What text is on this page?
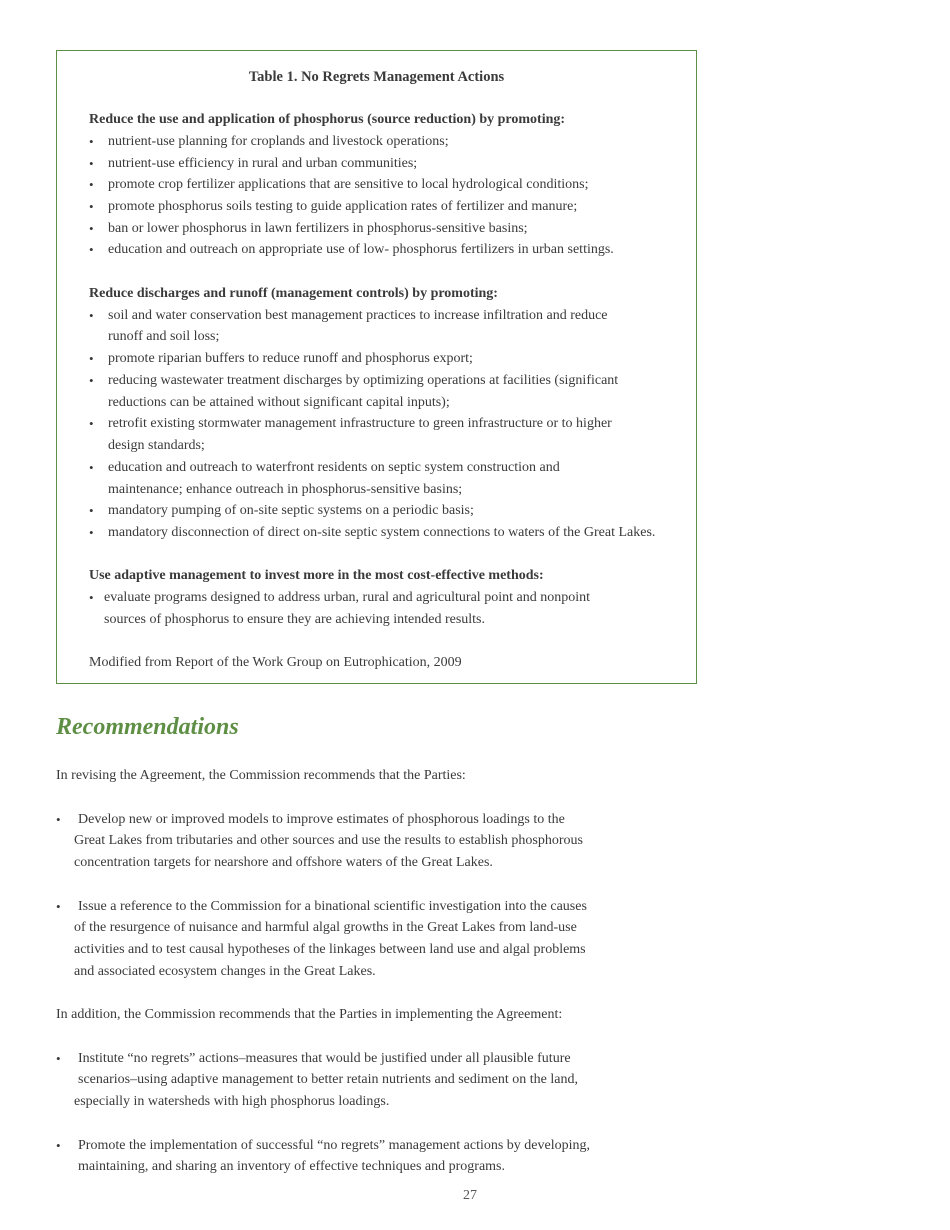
Table 1. No Regrets Management Actions
Reduce the use and application of phosphorus (source reduction) by promoting:
• nutrient-use planning for croplands and livestock operations;
• nutrient-use efficiency in rural and urban communities;
• promote crop fertilizer applications that are sensitive to local hydrological conditions;
• promote phosphorus soils testing to guide application rates of fertilizer and manure;
• ban or lower phosphorus in lawn fertilizers in phosphorus-sensitive basins;
• education and outreach on appropriate use of low- phosphorus fertilizers in urban settings.
Reduce discharges and runoff (management controls) by promoting:
• soil and water conservation best management practices to increase infiltration and reduce
runoff and soil loss;
• promote riparian buffers to reduce runoff and phosphorus export;
• reducing wastewater treatment discharges by optimizing operations at facilities (significant
reductions can be attained without significant capital inputs);
• retrofit existing stormwater management infrastructure to green infrastructure or to higher
design standards;
• education and outreach to waterfront residents on septic system construction and
maintenance; enhance outreach in phosphorus-sensitive basins;
• mandatory pumping of on-site septic systems on a periodic basis;
• mandatory disconnection of direct on-site septic system connections to waters of the Great Lakes.
Use adaptive management to invest more in the most cost-effective methods:
• evaluate programs designed to address urban, rural and agricultural point and nonpoint
sources of phosphorus to ensure they are achieving intended results.
Modified from Report of the Work Group on Eutrophication, 2009
Recommendations
In revising the Agreement, the Commission recommends that the Parties:
• Develop new or improved models to improve estimates of phosphorous loadings to the
Great Lakes from tributaries and other sources and use the results to establish phosphorous
concentration targets for nearshore and offshore waters of the Great Lakes.
• Issue a reference to the Commission for a binational scientific investigation into the causes
of the resurgence of nuisance and harmful algal growths in the Great Lakes from land-use
activities and to test causal hypotheses of the linkages between land use and algal problems
and associated ecosystem changes in the Great Lakes.
In addition, the Commission recommends that the Parties in implementing the Agreement:
• Institute “no regrets” actions–measures that would be justified under all plausible future
scenarios–using adaptive management to better retain nutrients and sediment on the land,
especially in watersheds with high phosphorus loadings.
• Promote the implementation of successful “no regrets” management actions by developing,
maintaining, and sharing an inventory of effective techniques and programs.
27
